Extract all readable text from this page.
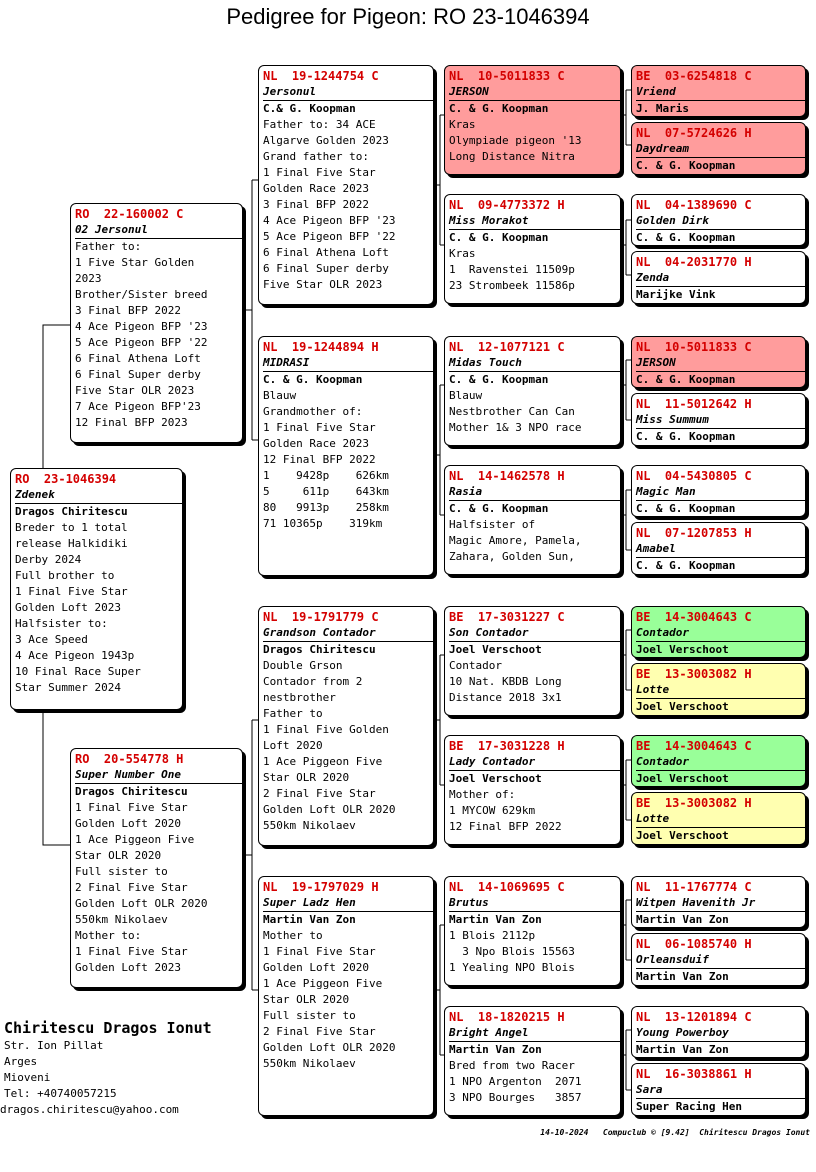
Pedigree for Pigeon: RO 23-1046394
RO  23-1046394
Zdenek
Dragos Chiritescu
Breder to 1 total
release Halkidiki
Derby 2024
Full brother to
1 Final Five Star
Golden Loft 2023
Halfsister to:
3 Ace Speed
4 Ace Pigeon 1943p
10 Final Race Super
Star Summer 2024
RO  22-160002 C
02 Jersonul
Father to:
1 Five Star Golden
2023
Brother/Sister breed
3 Final BFP 2022
4 Ace Pigeon BFP '23
5 Ace Pigeon BFP '22
6 Final Athena Loft
6 Final Super derby
Five Star OLR 2023
7 Ace Pigeon BFP'23
12 Final BFP 2023
RO  20-554778 H
Super Number One
Dragos Chiritescu
1 Final Five Star
Golden Loft 2020
1 Ace Piggeon Five
Star OLR 2020
Full sister to
2 Final Five Star
Golden Loft OLR 2020
550km Nikolaev
Mother to:
1 Final Five Star
Golden Loft 2023
NL  19-1244754 C
Jersonul
C.& G. Koopman
Father to: 34 ACE
Algarve Golden 2023
Grand father to:
1 Final Five Star
Golden Race 2023
3 Final BFP 2022
4 Ace Pigeon BFP '23
5 Ace Pigeon BFP '22
6 Final Athena Loft
6 Final Super derby
Five Star OLR 2023
NL  19-1244894 H
MIDRASI
C. & G. Koopman
Blauw
Grandmother of:
1 Final Five Star
Golden Race 2023
12 Final BFP 2022
1    9428p    626km
5     611p    643km
80   9913p    258km
71 10365p    319km
NL  19-1791779 C
Grandson Contador
Dragos Chiritescu
Double Grson
Contador from 2
nestbrother
Father to
1 Final Five Golden
Loft 2020
1 Ace Piggeon Five
Star OLR 2020
2 Final Five Star
Golden Loft OLR 2020
550km Nikolaev
NL  19-1797029 H
Super Ladz Hen
Martin Van Zon
Mother to
1 Final Five Star
Golden Loft 2020
1 Ace Piggeon Five
Star OLR 2020
Full sister to
2 Final Five Star
Golden Loft OLR 2020
550km Nikolaev
NL  10-5011833 C
JERSON
C. & G. Koopman
Kras
Olympiade pigeon '13
Long Distance Nitra
NL  09-4773372 H
Miss Morakot
C. & G. Koopman
Kras
1  Ravenstei 11509p
23 Strombeek 11586p
NL  12-1077121 C
Midas Touch
C. & G. Koopman
Blauw
Nestbrother Can Can
Mother 1& 3 NPO race
NL  14-1462578 H
Rasia
C. & G. Koopman
Halfsister of
Magic Amore, Pamela,
Zahara, Golden Sun,
BE  17-3031227 C
Son Contador
Joel Verschoot
Contador
10 Nat. KBDB Long
Distance 2018 3x1
BE  17-3031228 H
Lady Contador
Joel Verschoot
Mother of:
1 MYCOW 629km
12 Final BFP 2022
NL  14-1069695 C
Brutus
Martin Van Zon
1 Blois 2112p
3 Npo Blois 15563
1 Yealing NPO Blois
NL  18-1820215 H
Bright Angel
Martin Van Zon
Bred from two Racer
1 NPO Argenton  2071
3 NPO Bourges   3857
BE  03-6254818 C
Vriend
J. Maris
NL  07-5724626 H
Daydream
C. & G. Koopman
NL  04-1389690 C
Golden Dirk
C. & G. Koopman
NL  04-2031770 H
Zenda
Marijke Vink
NL  10-5011833 C
JERSON
C. & G. Koopman
NL  11-5012642 H
Miss Summum
C. & G. Koopman
NL  04-5430805 C
Magic Man
C. & G. Koopman
NL  07-1207853 H
Amabel
C. & G. Koopman
BE  14-3004643 C
Contador
Joel Verschoot
BE  13-3003082 H
Lotte
Joel Verschoot
BE  14-3004643 C
Contador
Joel Verschoot
BE  13-3003082 H
Lotte
Joel Verschoot
NL  11-1767774 C
Witpen Havenith Jr
Martin Van Zon
NL  06-1085740 H
Orleansduif
Martin Van Zon
NL  13-1201894 C
Young Powerboy
Martin Van Zon
NL  16-3038861 H
Sara
Super Racing Hen
Chiritescu Dragos Ionut
Str. Ion Pillat
Arges
Mioveni
Tel: +40740057215
dragos.chiritescu@yahoo.com
14-10-2024   Compuclub © [9.42]  Chiritescu Dragos Ionut
